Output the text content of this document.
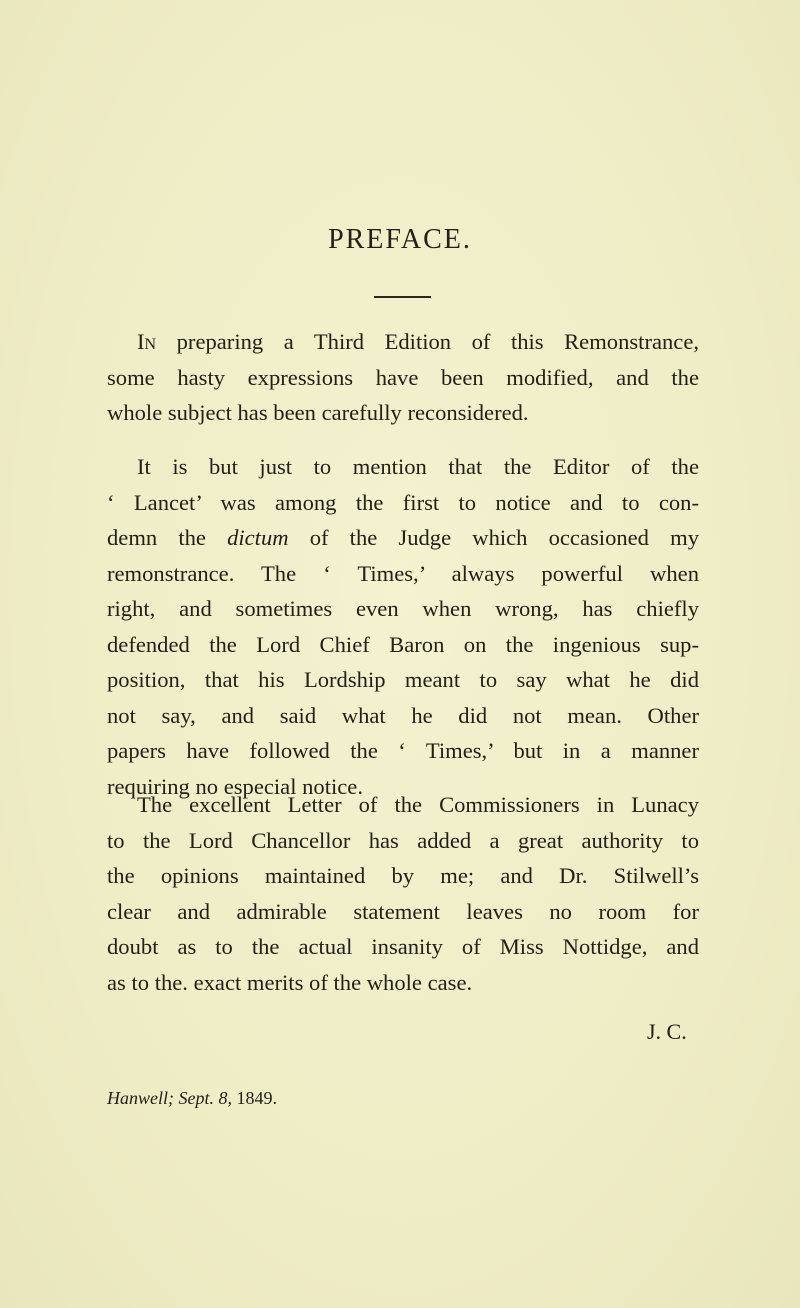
PREFACE.
In preparing a Third Edition of this Remonstrance,
some hasty expressions have been modified, and the
whole subject has been carefully reconsidered.
It is but just to mention that the Editor of the
‘ Lancet’ was among the first to notice and to con-
demn the dictum of the Judge which occasioned my
remonstrance. The ‘ Times,’ always powerful when
right, and sometimes even when wrong, has chiefly
defended the Lord Chief Baron on the ingenious sup-
position, that his Lordship meant to say what he did
not say, and said what he did not mean. Other
papers have followed the ‘ Times,’ but in a manner
requiring no especial notice.
The excellent Letter of the Commissioners in Lunacy
to the Lord Chancellor has added a great authority to
the opinions maintained by me; and Dr. Stilwell’s
clear and admirable statement leaves no room for
doubt as to the actual insanity of Miss Nottidge, and
as to the. exact merits of the whole case.
J. C.
Hanwell; Sept. 8, 1849.
